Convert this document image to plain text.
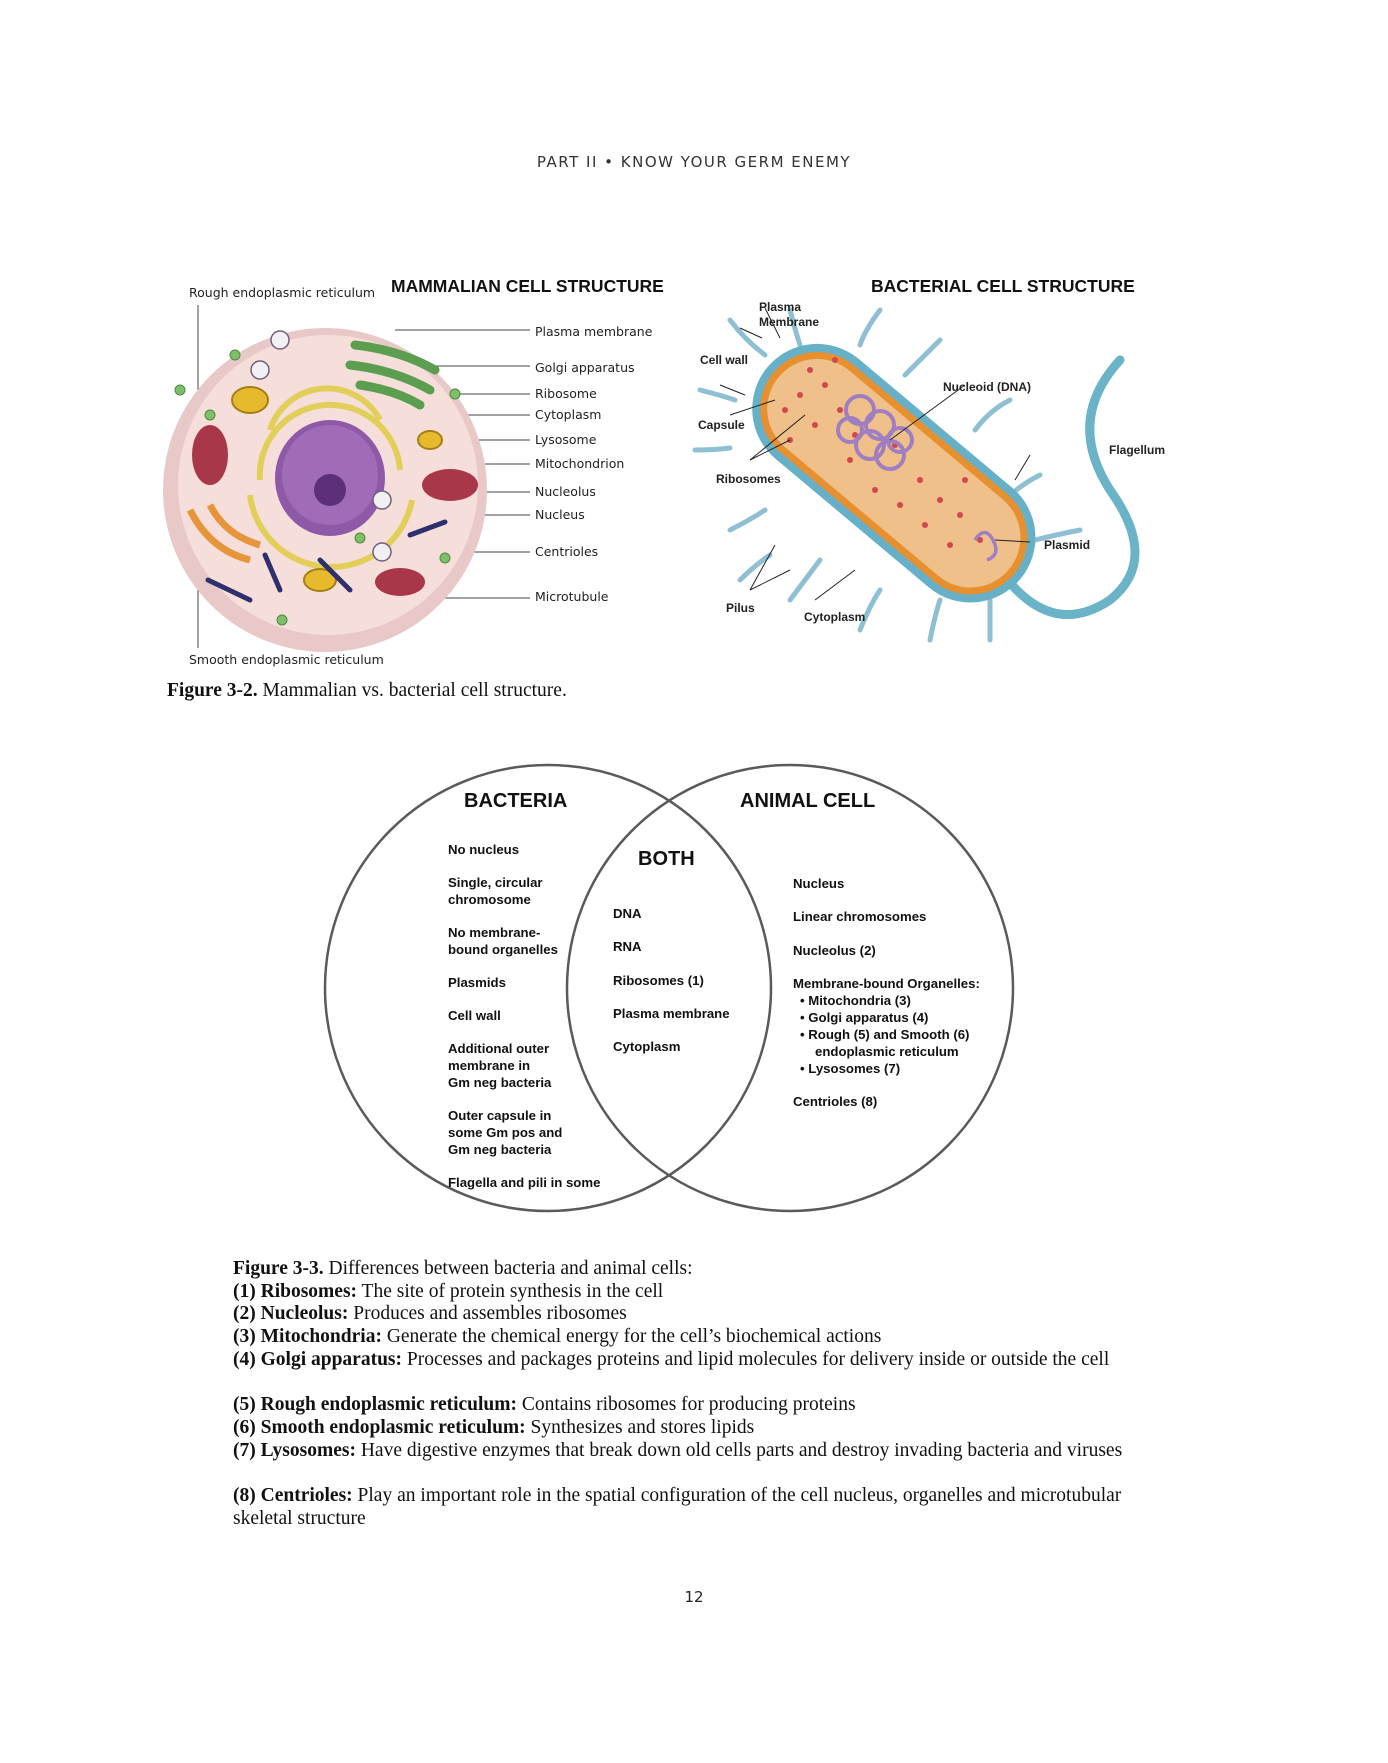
PART II • KNOW YOUR GERM ENEMY
MAMMALIAN CELL STRUCTURE
Rough endoplasmic reticulum
Plasma membrane
Golgi apparatus
Ribosome
Cytoplasm
Lysosome
Mitochondrion
Nucleolus
Nucleus
Centrioles
Microtubule
Smooth endoplasmic reticulum
BACTERIAL CELL STRUCTURE
Plasma
Membrane
Cell wall
Capsule
Ribosomes
Nucleoid (DNA)
Flagellum
Plasmid
Pilus
Cytoplasm
Figure 3-2. Mammalian vs. bacterial cell structure.
BACTERIA	ANIMAL CELL
BOTH
No nucleus
Single, circular
chromosome
No membrane-
bound organelles
Plasmids
Cell wall
Additional outer
membrane in
Gm neg bacteria
Outer capsule in
some Gm pos and
Gm neg bacteria
Flagella and pili in some
DNA
RNA
Ribosomes (1)
Plasma membrane
Cytoplasm
Nucleus
Linear chromosomes
Nucleolus (2)
Membrane-bound Organelles:
• Mitochondria (3)
• Golgi apparatus (4)
• Rough (5) and Smooth (6)
endoplasmic reticulum
• Lysosomes (7)
Centrioles (8)
Figure 3-3. Differences between bacteria and animal cells:
(1) Ribosomes: The site of protein synthesis in the cell
(2) Nucleolus: Produces and assembles ribosomes
(3) Mitochondria: Generate the chemical energy for the cell’s biochemical actions
(4) Golgi apparatus: Processes and packages proteins and lipid molecules for delivery inside or outside the cell
(5) Rough endoplasmic reticulum: Contains ribosomes for producing proteins
(6) Smooth endoplasmic reticulum: Synthesizes and stores lipids
(7) Lysosomes: Have digestive enzymes that break down old cells parts and destroy invading bacteria and viruses
(8) Centrioles: Play an important role in the spatial configuration of the cell nucleus, organelles and microtubular skeletal structure
12
